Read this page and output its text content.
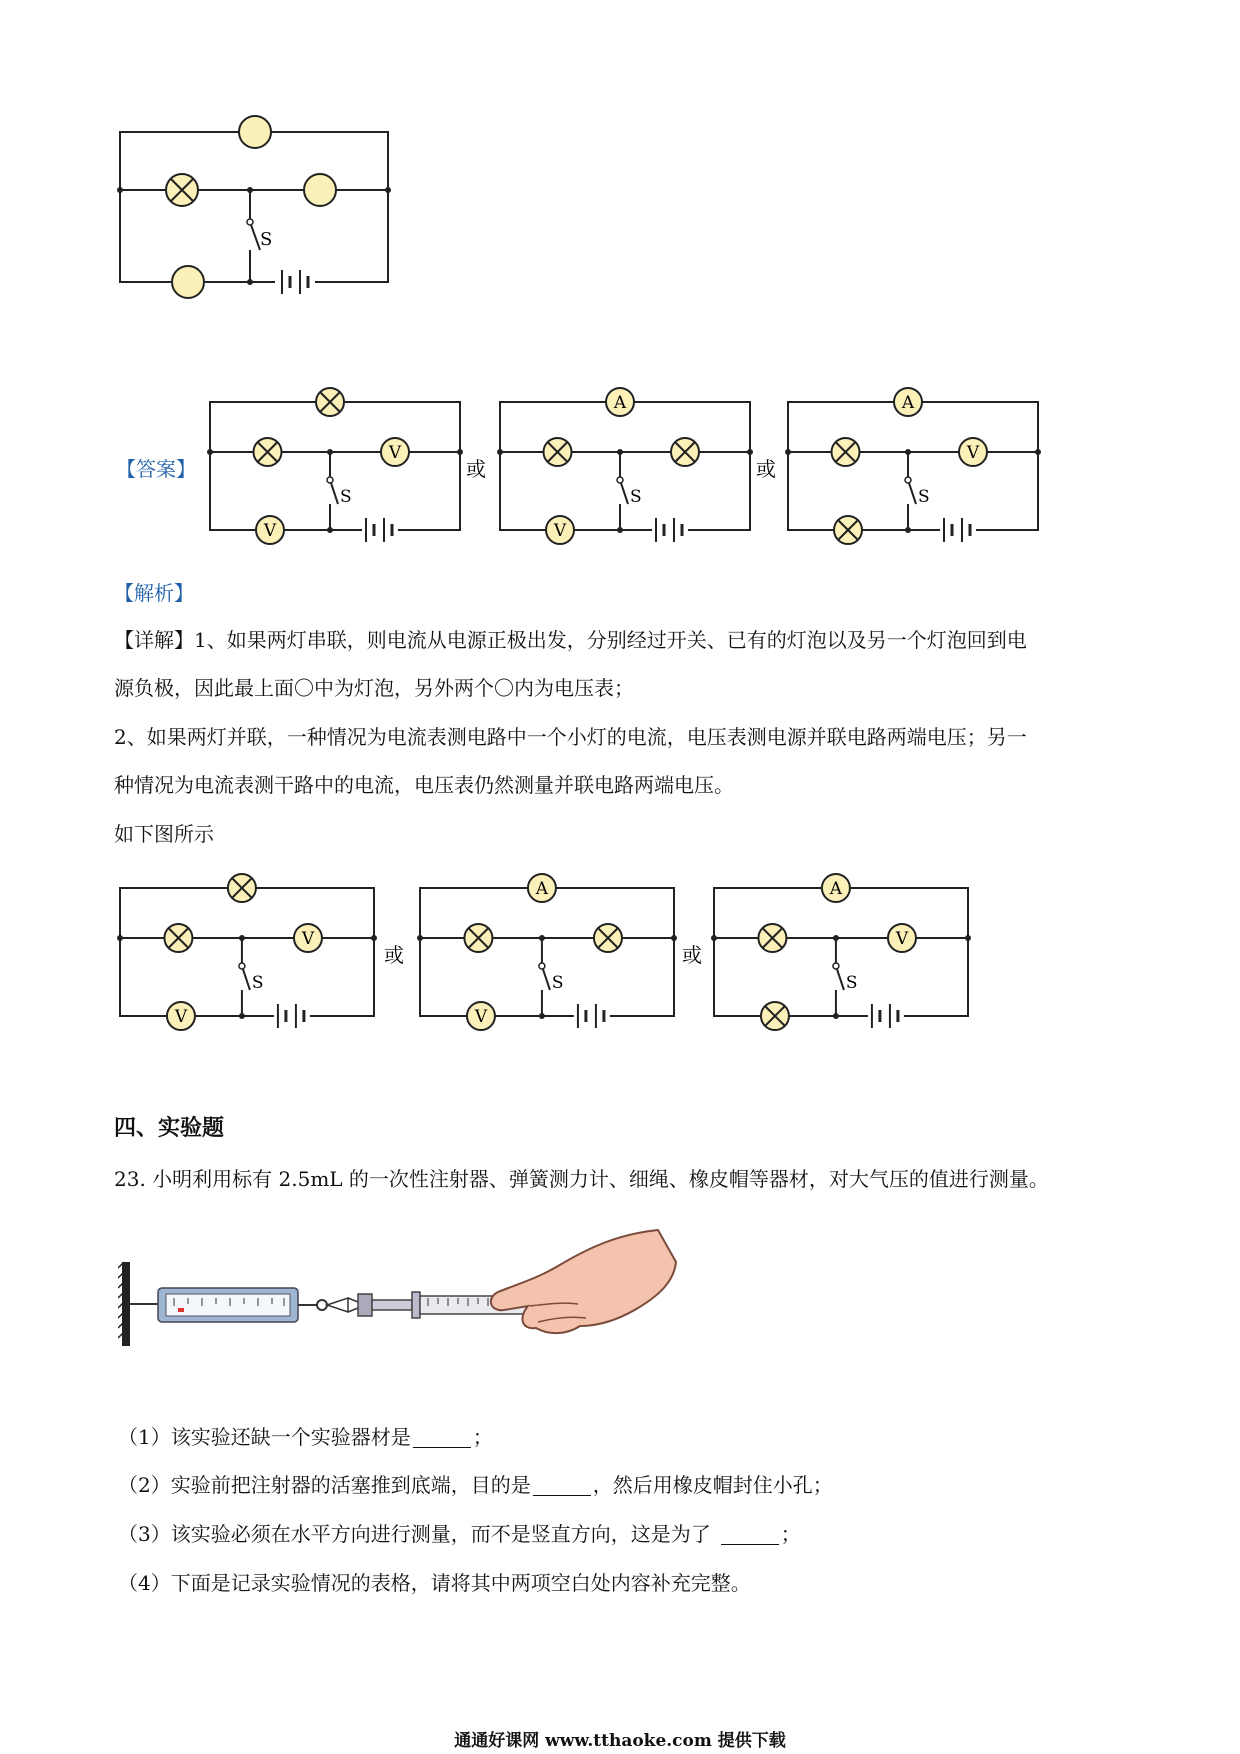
S
【答案】
S
V
V
S
A
V
S
A
V
或	或
【解析】
【详解】1、如果两灯串联，则电流从电源正极出发，分别经过开关、已有的灯泡以及另一个灯泡回到电
源负极，因此最上面〇中为灯泡，另外两个〇内为电压表；
2、如果两灯并联，一种情况为电流表测电路中一个小灯的电流，电压表测电源并联电路两端电压；另一
种情况为电流表测干路中的电流，电压表仍然测量并联电路两端电压。
如下图所示
S
V
V
S
A
V
S
A
V
或	或
四、实验题
23. 小明利用标有 2.5mL 的一次性注射器、弹簧测力计、细绳、橡皮帽等器材，对大气压的值进行测量。
（1）该实验还缺一个实验器材是	；
（2）实验前把注射器的活塞推到底端，目的是	，然后用橡皮帽封住小孔；
（3）该实验必须在水平方向进行测量，而不是竖直方向，这是为了	；
（4）下面是记录实验情况的表格，请将其中两项空白处内容补充完整。
通通好课网 www.tthaoke.com 提供下载
